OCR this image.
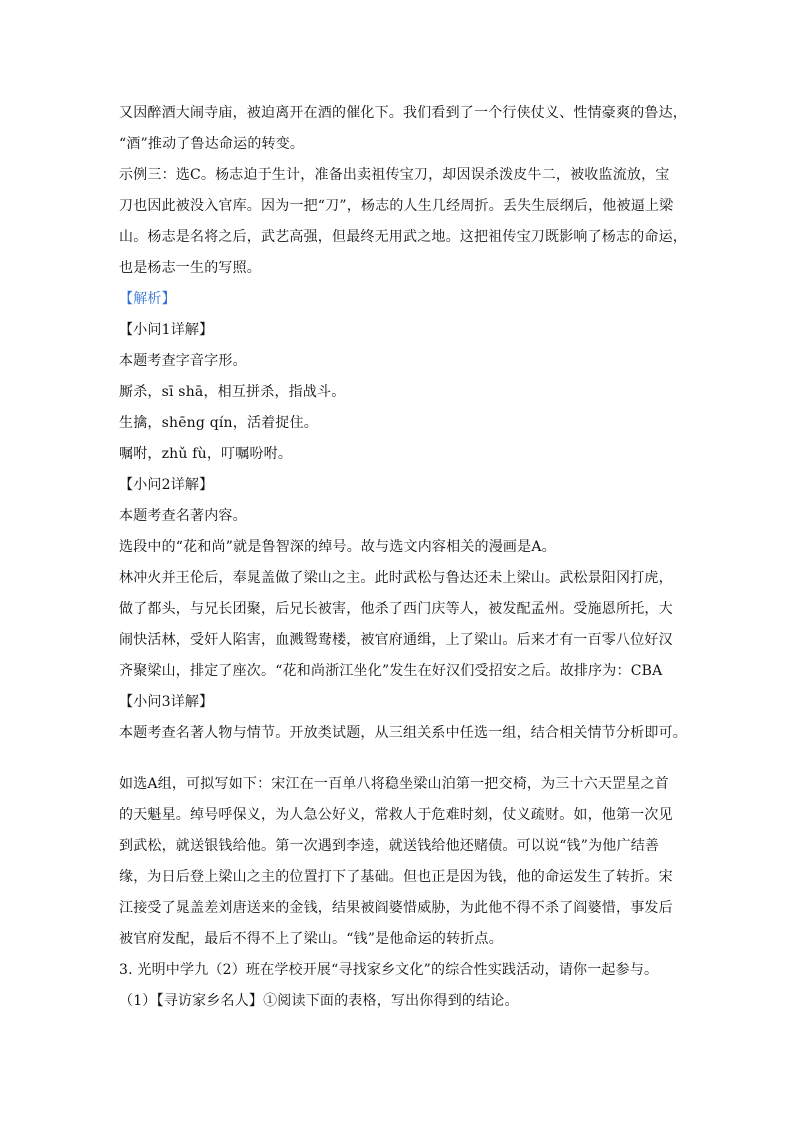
又因醉酒大闹寺庙，被迫离开在酒的催化下。我们看到了一个行侠仗义、性情豪爽的鲁达，
“酒”推动了鲁达命运的转变。
示例三：选C。杨志迫于生计，准备出卖祖传宝刀，却因误杀泼皮牛二，被收监流放，宝
刀也因此被没入官库。因为一把“刀”，杨志的人生几经周折。丢失生辰纲后，他被逼上梁
山。杨志是名将之后，武艺高强，但最终无用武之地。这把祖传宝刀既影响了杨志的命运，
也是杨志一生的写照。
【解析】
【小问1详解】
本题考查字音字形。
厮杀，sī shā，相互拼杀，指战斗。
生擒，shēng qín，活着捉住。
嘱咐，zhǔ fù，叮嘱吩咐。
【小问2详解】
本题考查名著内容。
选段中的“花和尚”就是鲁智深的绰号。故与选文内容相关的漫画是A。
林冲火并王伦后，奉晁盖做了梁山之主。此时武松与鲁达还未上梁山。武松景阳冈打虎，
做了都头，与兄长团聚，后兄长被害，他杀了西门庆等人，被发配孟州。受施恩所托，大
闹快活林，受奸人陷害，血溅鸳鸯楼，被官府通缉，上了梁山。后来才有一百零八位好汉
齐聚梁山，排定了座次。“花和尚浙江坐化”发生在好汉们受招安之后。故排序为：CBA
【小问3详解】
本题考查名著人物与情节。开放类试题，从三组关系中任选一组，结合相关情节分析即可。
如选A组，可拟写如下：宋江在一百单八将稳坐梁山泊第一把交椅，为三十六天罡星之首
的天魁星。绰号呼保义，为人急公好义，常救人于危难时刻，仗义疏财。如，他第一次见
到武松，就送银钱给他。第一次遇到李逵，就送钱给他还赌债。可以说“钱”为他广结善
缘，为日后登上梁山之主的位置打下了基础。但也正是因为钱，他的命运发生了转折。宋
江接受了晁盖差刘唐送来的金钱，结果被阎婆惜威胁，为此他不得不杀了阎婆惜，事发后
被官府发配，最后不得不上了梁山。“钱”是他命运的转折点。
3. 光明中学九（2）班在学校开展“寻找家乡文化”的综合性实践活动，请你一起参与。
（1）【寻访家乡名人】①阅读下面的表格，写出你得到的结论。
